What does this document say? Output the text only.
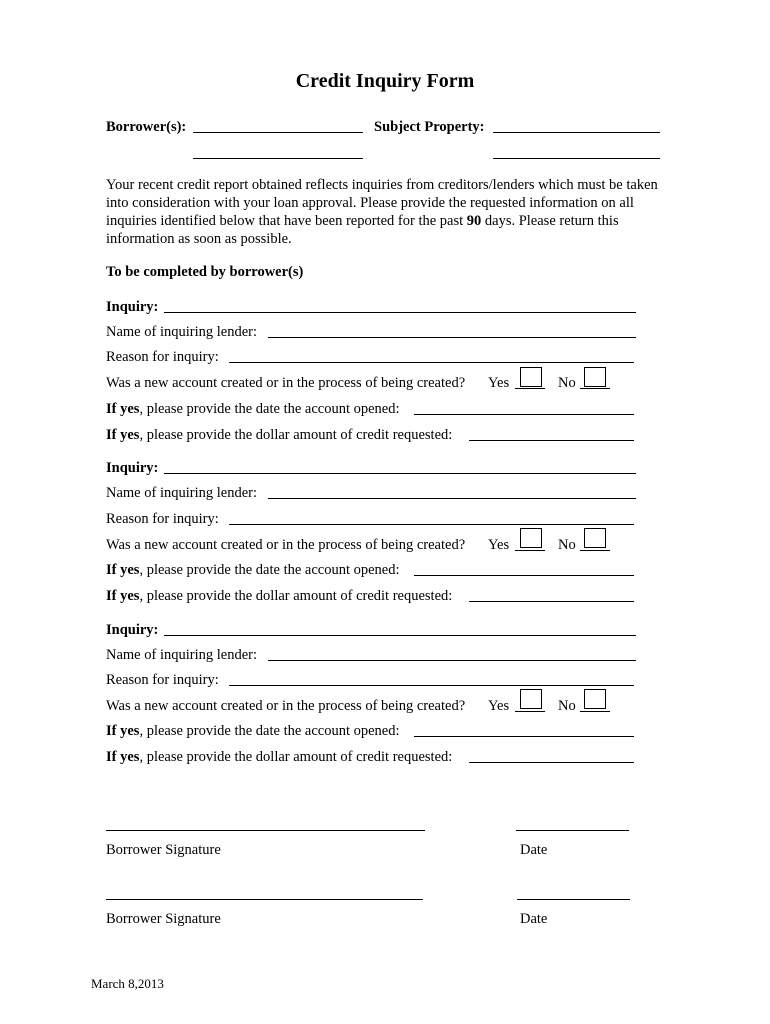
Credit Inquiry Form
Borrower(s):	Subject Property:
Your recent credit report obtained reflects inquiries from creditors/lenders which must be taken into consideration with your loan approval. Please provide the requested information on all inquiries identified below that have been reported for the past 90 days. Please return this information as soon as possible.
To be completed by borrower(s)
Inquiry:
Name of inquiring lender:
Reason for inquiry:
Was a new account created or in the process of being created? Yes	No
If yes, please provide the date the account opened:
If yes, please provide the dollar amount of credit requested:
Inquiry:
Name of inquiring lender:
Reason for inquiry:
Was a new account created or in the process of being created? Yes	No
If yes, please provide the date the account opened:
If yes, please provide the dollar amount of credit requested:
Inquiry:
Name of inquiring lender:
Reason for inquiry:
Was a new account created or in the process of being created? Yes	No
If yes, please provide the date the account opened:
If yes, please provide the dollar amount of credit requested:
Borrower Signature	Date
Borrower Signature	Date
March 8,2013
